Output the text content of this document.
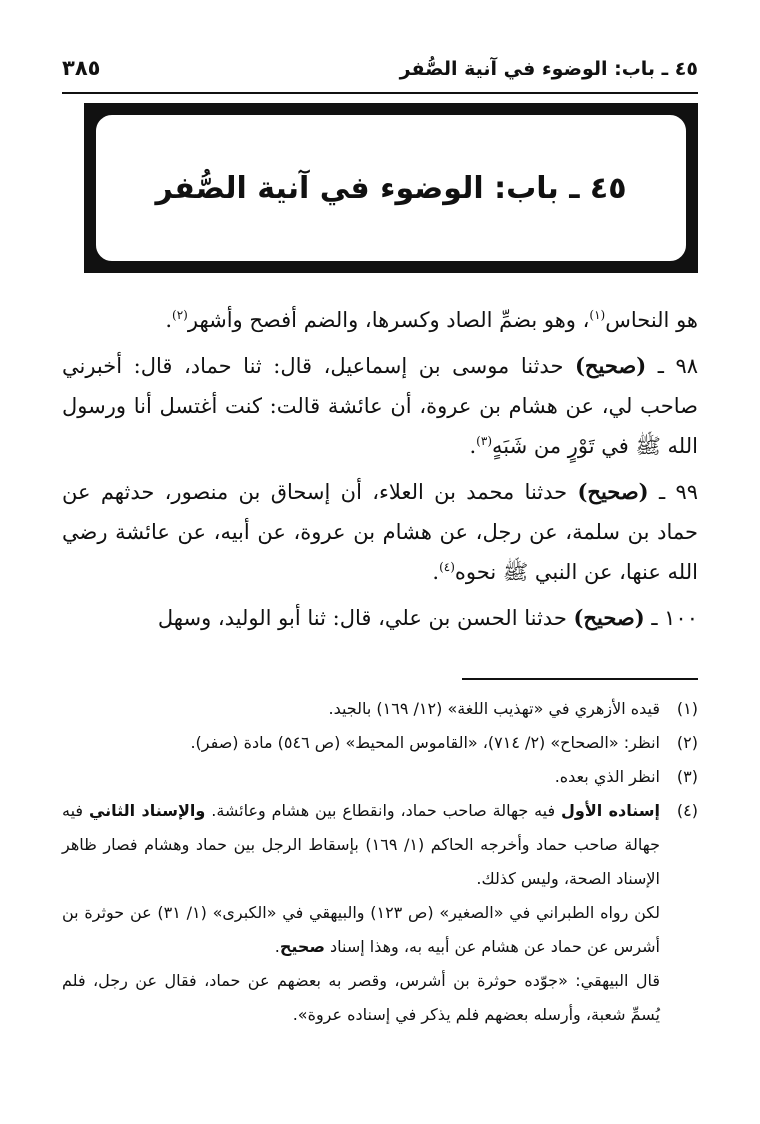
٤٥ ـ باب: الوضوء في آنية الصُّفر
٣٨٥
٤٥ ـ باب: الوضوء في آنية الصُّفر

هو النحاس$^{(١)}$، وهو بضمِّ الصاد وكسرها، والضم أفصح وأشهر$^{(٢)}$.

٩٨ ـ (صحيح) حدثنا موسى بن إسماعيل، قال: ثنا حماد، قال: أخبرني صاحب لي، عن هشام بن عروة، أن عائشة قالت: كنت أغتسل أنا ورسول الله ﷺ في تَوْرٍ من شَبَهٍ$^{(٣)}$.

٩٩ ـ (صحيح) حدثنا محمد بن العلاء، أن إسحاق بن منصور، حدثهم عن حماد بن سلمة، عن رجل، عن هشام بن عروة، عن أبيه، عن عائشة رضي الله عنها، عن النبي ﷺ نحوه$^{(٤)}$.

١٠٠ ـ (صحيح) حدثنا الحسن بن علي، قال: ثنا أبو الوليد، وسهل

(١)
قيده الأزهري في «تهذيب اللغة» (١٢/ ١٦٩) بالجيد.
(٢)
انظر: «الصحاح» (٢/ ٧١٤)، «القاموس المحيط» (ص ٥٤٦) مادة (صفر).
(٣)
انظر الذي بعده.
(٤)

إسناده الأول فيه جهالة صاحب حماد، وانقطاع بين هشام وعائشة. والإسناد الثاني فيه جهالة صاحب حماد وأخرجه الحاكم (١/ ١٦٩) بإسقاط الرجل بين حماد وهشام فصار ظاهر الإسناد الصحة، وليس كذلك.

لكن رواه الطبراني في «الصغير» (ص ١٢٣) والبيهقي في «الكبرى» (١/ ٣١) عن حوثرة بن أشرس عن حماد عن هشام عن أبيه به، وهذا إسناد صحيح.

قال البيهقي: «جوّده حوثرة بن أشرس، وقصر به بعضهم عن حماد، فقال عن رجل، فلم يُسمِّ شعبة، وأرسله بعضهم فلم يذكر في إسناده عروة».
